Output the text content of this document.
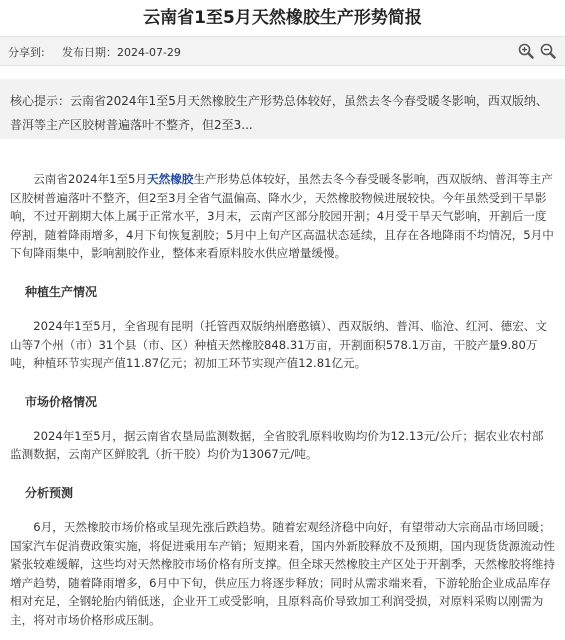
云南省1至5月天然橡胶生产形势简报
分享到: 发布日期：2024-07-29
核心提示：云南省2024年1至5月天然橡胶生产形势总体较好，虽然去冬今春受暖冬影响，西双版纳、普洱等主产区胶树普遍落叶不整齐，但2至3...

云南省2024年1至5月天然橡胶生产形势总体较好，虽然去冬今春受暖冬影响，西双版纳、普洱等主产区胶树普遍落叶不整齐，但2至3月全省气温偏高、降水少，天然橡胶物候进展较快。今年虽然受到干旱影响，不过开割期大体上属于正常水平，3月末，云南产区部分胶园开割；4月受干旱天气影响，开割后一度停割，随着降雨增多，4月下旬恢复割胶；5月中上旬产区高温状态延续，且存在各地降雨不均情况，5月中下旬降雨集中，影响割胶作业，整体来看原料胶水供应增量缓慢。

种植生产情况

2024年1至5月，全省现有昆明（托管西双版纳州磨憨镇）、西双版纳、普洱、临沧、红河、德宏、文山等7个州（市）31个县（市、区）种植天然橡胶848.31万亩，开割面积578.1万亩，干胶产量9.80万吨，种植环节实现产值11.87亿元；初加工环节实现产值12.81亿元。

市场价格情况

2024年1至5月，据云南省农垦局监测数据，全省胶乳原料收购均价为12.13元/公斤；据农业农村部监测数据，云南产区鲜胶乳（折干胶）均价为13067元/吨。

分析预测

6月，天然橡胶市场价格或呈现先涨后跌趋势。随着宏观经济稳中向好，有望带动大宗商品市场回暖；国家汽车促消费政策实施，将促进乘用车产销；短期来看，国内外新胶释放不及预期，国内现货货源流动性紧张较难缓解，这些均对天然橡胶市场价格有所支撑。但全球天然橡胶主产区处于开割季，天然橡胶将维持增产趋势，随着降雨增多，6月中下旬，供应压力将逐步释放；同时从需求端来看，下游轮胎企业成品库存相对充足，全钢轮胎内销低迷，企业开工或受影响，且原料高价导致加工利润受损，对原料采购以刚需为主，将对市场价格形成压制。
